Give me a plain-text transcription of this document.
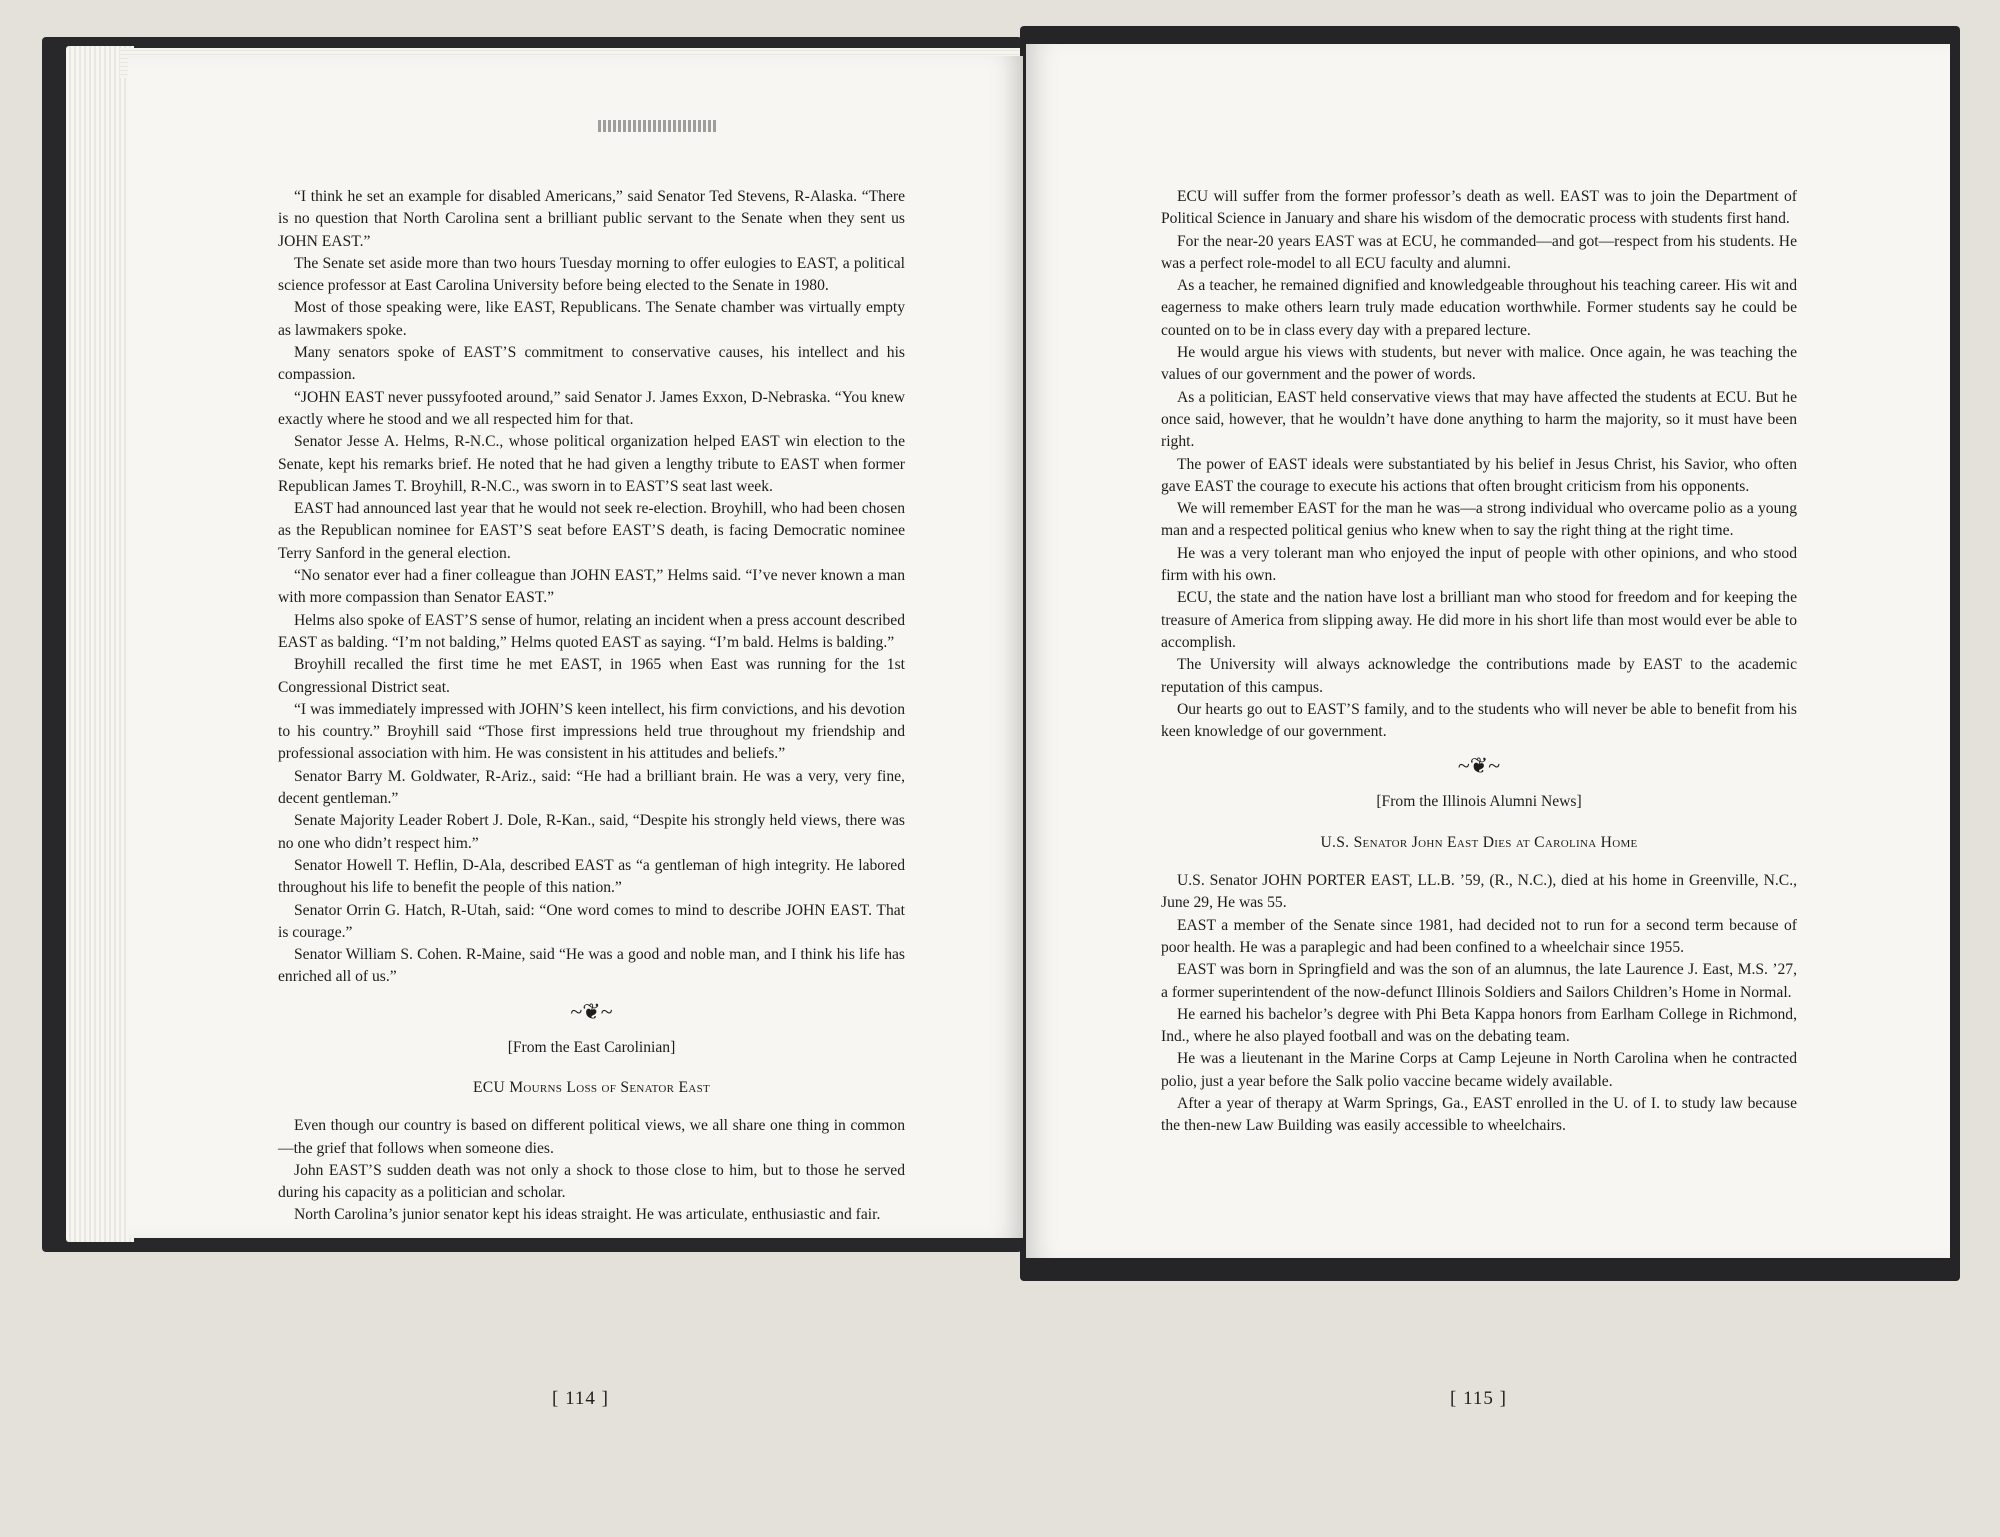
“I think he set an example for disabled Americans,” said Senator Ted Stevens, R-Alaska. “There is no question that North Carolina sent a brilliant public servant to the Senate when they sent us JOHN EAST.”

The Senate set aside more than two hours Tuesday morning to offer eulogies to EAST, a political science professor at East Carolina University before being elected to the Senate in 1980.

Most of those speaking were, like EAST, Republicans. The Senate chamber was virtually empty as lawmakers spoke.

Many senators spoke of EAST’S commitment to conservative causes, his intellect and his compassion.

“JOHN EAST never pussyfooted around,” said Senator J. James Exxon, D-Nebraska. “You knew exactly where he stood and we all respected him for that.

Senator Jesse A. Helms, R-N.C., whose political organization helped EAST win election to the Senate, kept his remarks brief. He noted that he had given a lengthy tribute to EAST when former Republican James T. Broyhill, R-N.C., was sworn in to EAST’S seat last week.

EAST had announced last year that he would not seek re-election. Broyhill, who had been chosen as the Republican nominee for EAST’S seat before EAST’S death, is facing Democratic nominee Terry Sanford in the general election.

“No senator ever had a finer colleague than JOHN EAST,” Helms said. “I’ve never known a man with more compassion than Senator EAST.”

Helms also spoke of EAST’S sense of humor, relating an incident when a press account described EAST as balding. “I’m not balding,” Helms quoted EAST as saying. “I’m bald. Helms is balding.”

Broyhill recalled the first time he met EAST, in 1965 when East was running for the 1st Congressional District seat.

“I was immediately impressed with JOHN’S keen intellect, his firm convictions, and his devotion to his country.” Broyhill said “Those first impressions held true throughout my friendship and professional association with him. He was consistent in his attitudes and beliefs.”

Senator Barry M. Goldwater, R-Ariz., said: “He had a brilliant brain. He was a very, very fine, decent gentleman.”

Senate Majority Leader Robert J. Dole, R-Kan., said, “Despite his strongly held views, there was no one who didn’t respect him.”

Senator Howell T. Heflin, D-Ala, described EAST as “a gentleman of high integrity. He labored throughout his life to benefit the people of this nation.”

Senator Orrin G. Hatch, R-Utah, said: “One word comes to mind to describe JOHN EAST. That is courage.”

Senator William S. Cohen. R-Maine, said “He was a good and noble man, and I think his life has enriched all of us.”

~❦~

[From the East Carolinian]

ECU Mourns Loss of Senator East

Even though our country is based on different political views, we all share one thing in common—the grief that follows when someone dies.

John EAST’S sudden death was not only a shock to those close to him, but to those he served during his capacity as a politician and scholar.

North Carolina’s junior senator kept his ideas straight. He was articulate, enthusiastic and fair.

ECU will suffer from the former professor’s death as well. EAST was to join the Department of Political Science in January and share his wisdom of the democratic process with students first hand.

For the near-20 years EAST was at ECU, he commanded—and got—respect from his students. He was a perfect role-model to all ECU faculty and alumni.

As a teacher, he remained dignified and knowledgeable throughout his teaching career. His wit and eagerness to make others learn truly made education worthwhile. Former students say he could be counted on to be in class every day with a prepared lecture.

He would argue his views with students, but never with malice. Once again, he was teaching the values of our government and the power of words.

As a politician, EAST held conservative views that may have affected the students at ECU. But he once said, however, that he wouldn’t have done anything to harm the majority, so it must have been right.

The power of EAST ideals were substantiated by his belief in Jesus Christ, his Savior, who often gave EAST the courage to execute his actions that often brought criticism from his opponents.

We will remember EAST for the man he was—a strong individual who overcame polio as a young man and a respected political genius who knew when to say the right thing at the right time.

He was a very tolerant man who enjoyed the input of people with other opinions, and who stood firm with his own.

ECU, the state and the nation have lost a brilliant man who stood for freedom and for keeping the treasure of America from slipping away. He did more in his short life than most would ever be able to accomplish.

The University will always acknowledge the contributions made by EAST to the academic reputation of this campus.

Our hearts go out to EAST’S family, and to the students who will never be able to benefit from his keen knowledge of our government.

~❦~

[From the Illinois Alumni News]

U.S. Senator John East Dies at Carolina Home

U.S. Senator JOHN PORTER EAST, LL.B. ’59, (R., N.C.), died at his home in Greenville, N.C., June 29, He was 55.

EAST a member of the Senate since 1981, had decided not to run for a second term because of poor health. He was a paraplegic and had been confined to a wheelchair since 1955.

EAST was born in Springfield and was the son of an alumnus, the late Laurence J. East, M.S. ’27, a former superintendent of the now-defunct Illinois Soldiers and Sailors Children’s Home in Normal.

He earned his bachelor’s degree with Phi Beta Kappa honors from Earlham College in Richmond, Ind., where he also played football and was on the debating team.

He was a lieutenant in the Marine Corps at Camp Lejeune in North Carolina when he contracted polio, just a year before the Salk polio vaccine became widely available.

After a year of therapy at Warm Springs, Ga., EAST enrolled in the U. of I. to study law because the then-new Law Building was easily accessible to wheelchairs.

[ 114 ]	[ 115 ]
